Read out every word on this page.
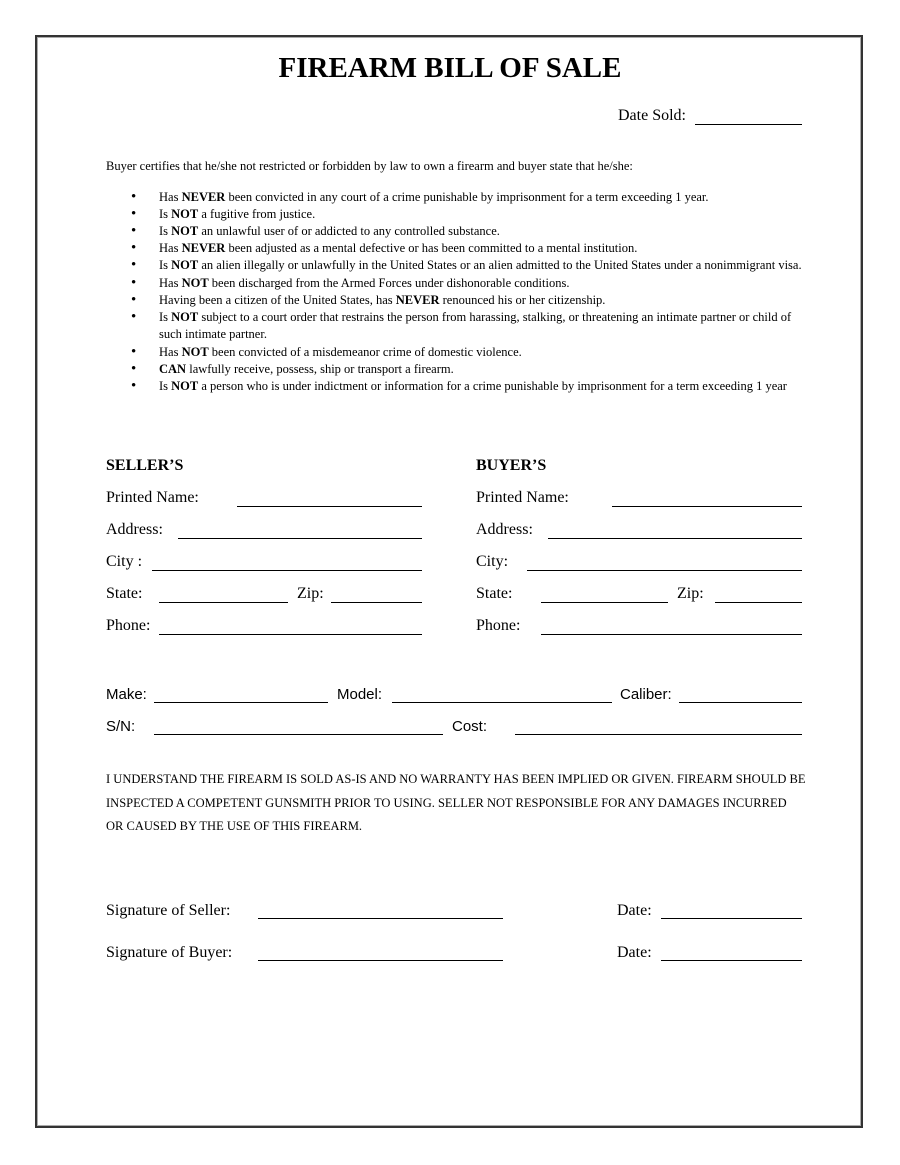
FIREARM BILL OF SALE
Date Sold:
Buyer certifies that he/she not restricted or forbidden by law to own a firearm and buyer state that he/she:
• Has NEVER been convicted in any court of a crime punishable by imprisonment for a term exceeding 1 year.
• Is NOT a fugitive from justice.
• Is NOT an unlawful user of or addicted to any controlled substance.
• Has NEVER been adjusted as a mental defective or has been committed to a mental institution.
• Is NOT an alien illegally or unlawfully in the United States or an alien admitted to the United States under a nonimmigrant visa.
• Has NOT been discharged from the Armed Forces under dishonorable conditions.
• Having been a citizen of the United States, has NEVER renounced his or her citizenship.
• Is NOT subject to a court order that restrains the person from harassing, stalking, or threatening an intimate partner or child of such intimate partner.
• Has NOT been convicted of a misdemeanor crime of domestic violence.
• CAN lawfully receive, possess, ship or transport a firearm.
• Is NOT a person who is under indictment or information for a crime punishable by imprisonment for a term exceeding 1 year
SELLER’S
Printed Name:
Address:
City :
State:	Zip:
Phone:
BUYER’S
Printed Name:
Address:
City:
State:	Zip:
Phone:
Make:	Model:	Caliber:
S/N:	Cost:
I UNDERSTAND THE FIREARM IS SOLD AS-IS AND NO WARRANTY HAS BEEN IMPLIED OR GIVEN. FIREARM SHOULD BE INSPECTED A COMPETENT GUNSMITH PRIOR TO USING. SELLER NOT RESPONSIBLE FOR ANY DAMAGES INCURRED OR CAUSED BY THE USE OF THIS FIREARM.
Signature of Seller:	Date:
Signature of Buyer:	Date:
